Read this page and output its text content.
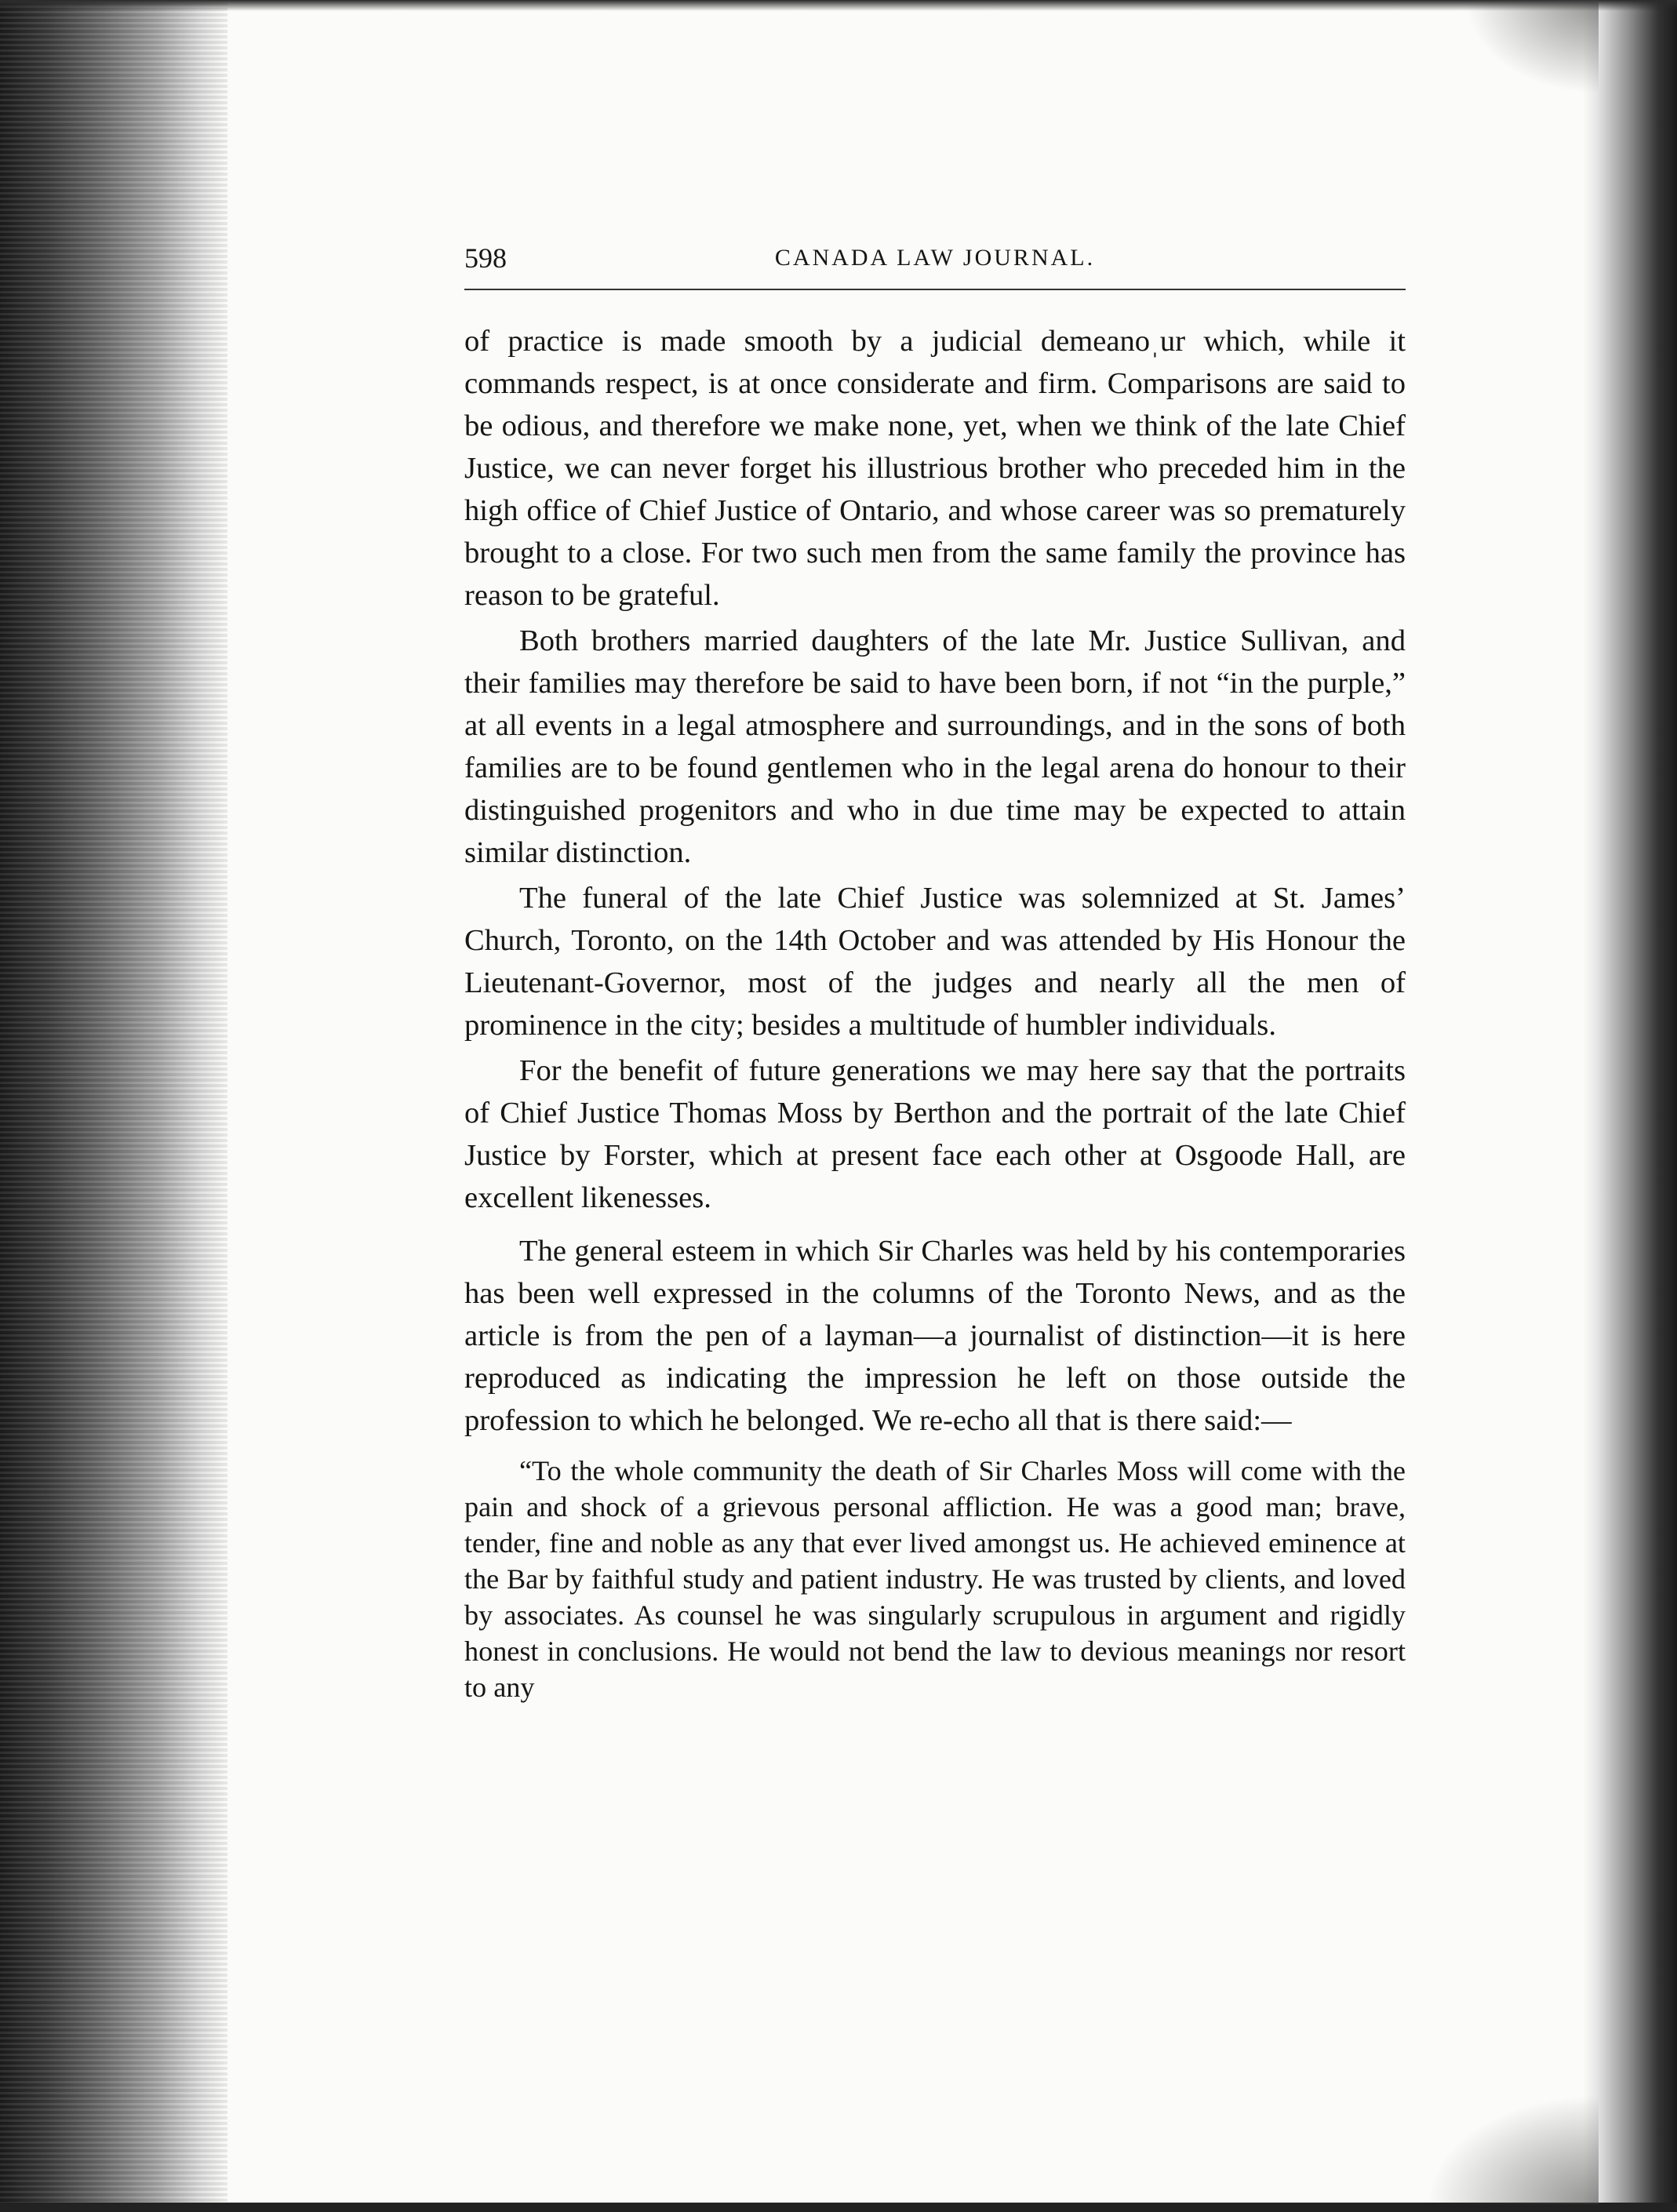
598	CANADA LAW JOURNAL.

of practice is made smooth by a judicial demeanoˌur which, while it commands respect, is at once considerate and firm. Comparisons are said to be odious, and therefore we make none, yet, when we think of the late Chief Justice, we can never forget his illustrious brother who preceded him in the high office of Chief Justice of Ontario, and whose career was so prematurely brought to a close. For two such men from the same family the province has reason to be grateful.

Both brothers married daughters of the late Mr. Justice Sullivan, and their families may therefore be said to have been born, if not “in the purple,” at all events in a legal atmosphere and surroundings, and in the sons of both families are to be found gentlemen who in the legal arena do honour to their distinguished progenitors and who in due time may be expected to attain similar distinction.

The funeral of the late Chief Justice was solemnized at St. James’ Church, Toronto, on the 14th October and was attended by His Honour the Lieutenant-Governor, most of the judges and nearly all the men of prominence in the city; besides a multitude of humbler individuals.

For the benefit of future generations we may here say that the portraits of Chief Justice Thomas Moss by Berthon and the portrait of the late Chief Justice by Forster, which at present face each other at Osgoode Hall, are excellent likenesses.

The general esteem in which Sir Charles was held by his contemporaries has been well expressed in the columns of the Toronto News, and as the article is from the pen of a layman—a journalist of distinction—it is here reproduced as indicating the impression he left on those outside the profession to which he belonged. We re-echo all that is there said:—

“To the whole community the death of Sir Charles Moss will come with the pain and shock of a grievous personal affliction. He was a good man; brave, tender, fine and noble as any that ever lived amongst us. He achieved eminence at the Bar by faithful study and patient industry. He was trusted by clients, and loved by associates. As counsel he was singularly scrupulous in argument and rigidly honest in conclusions. He would not bend the law to devious meanings nor resort to any
